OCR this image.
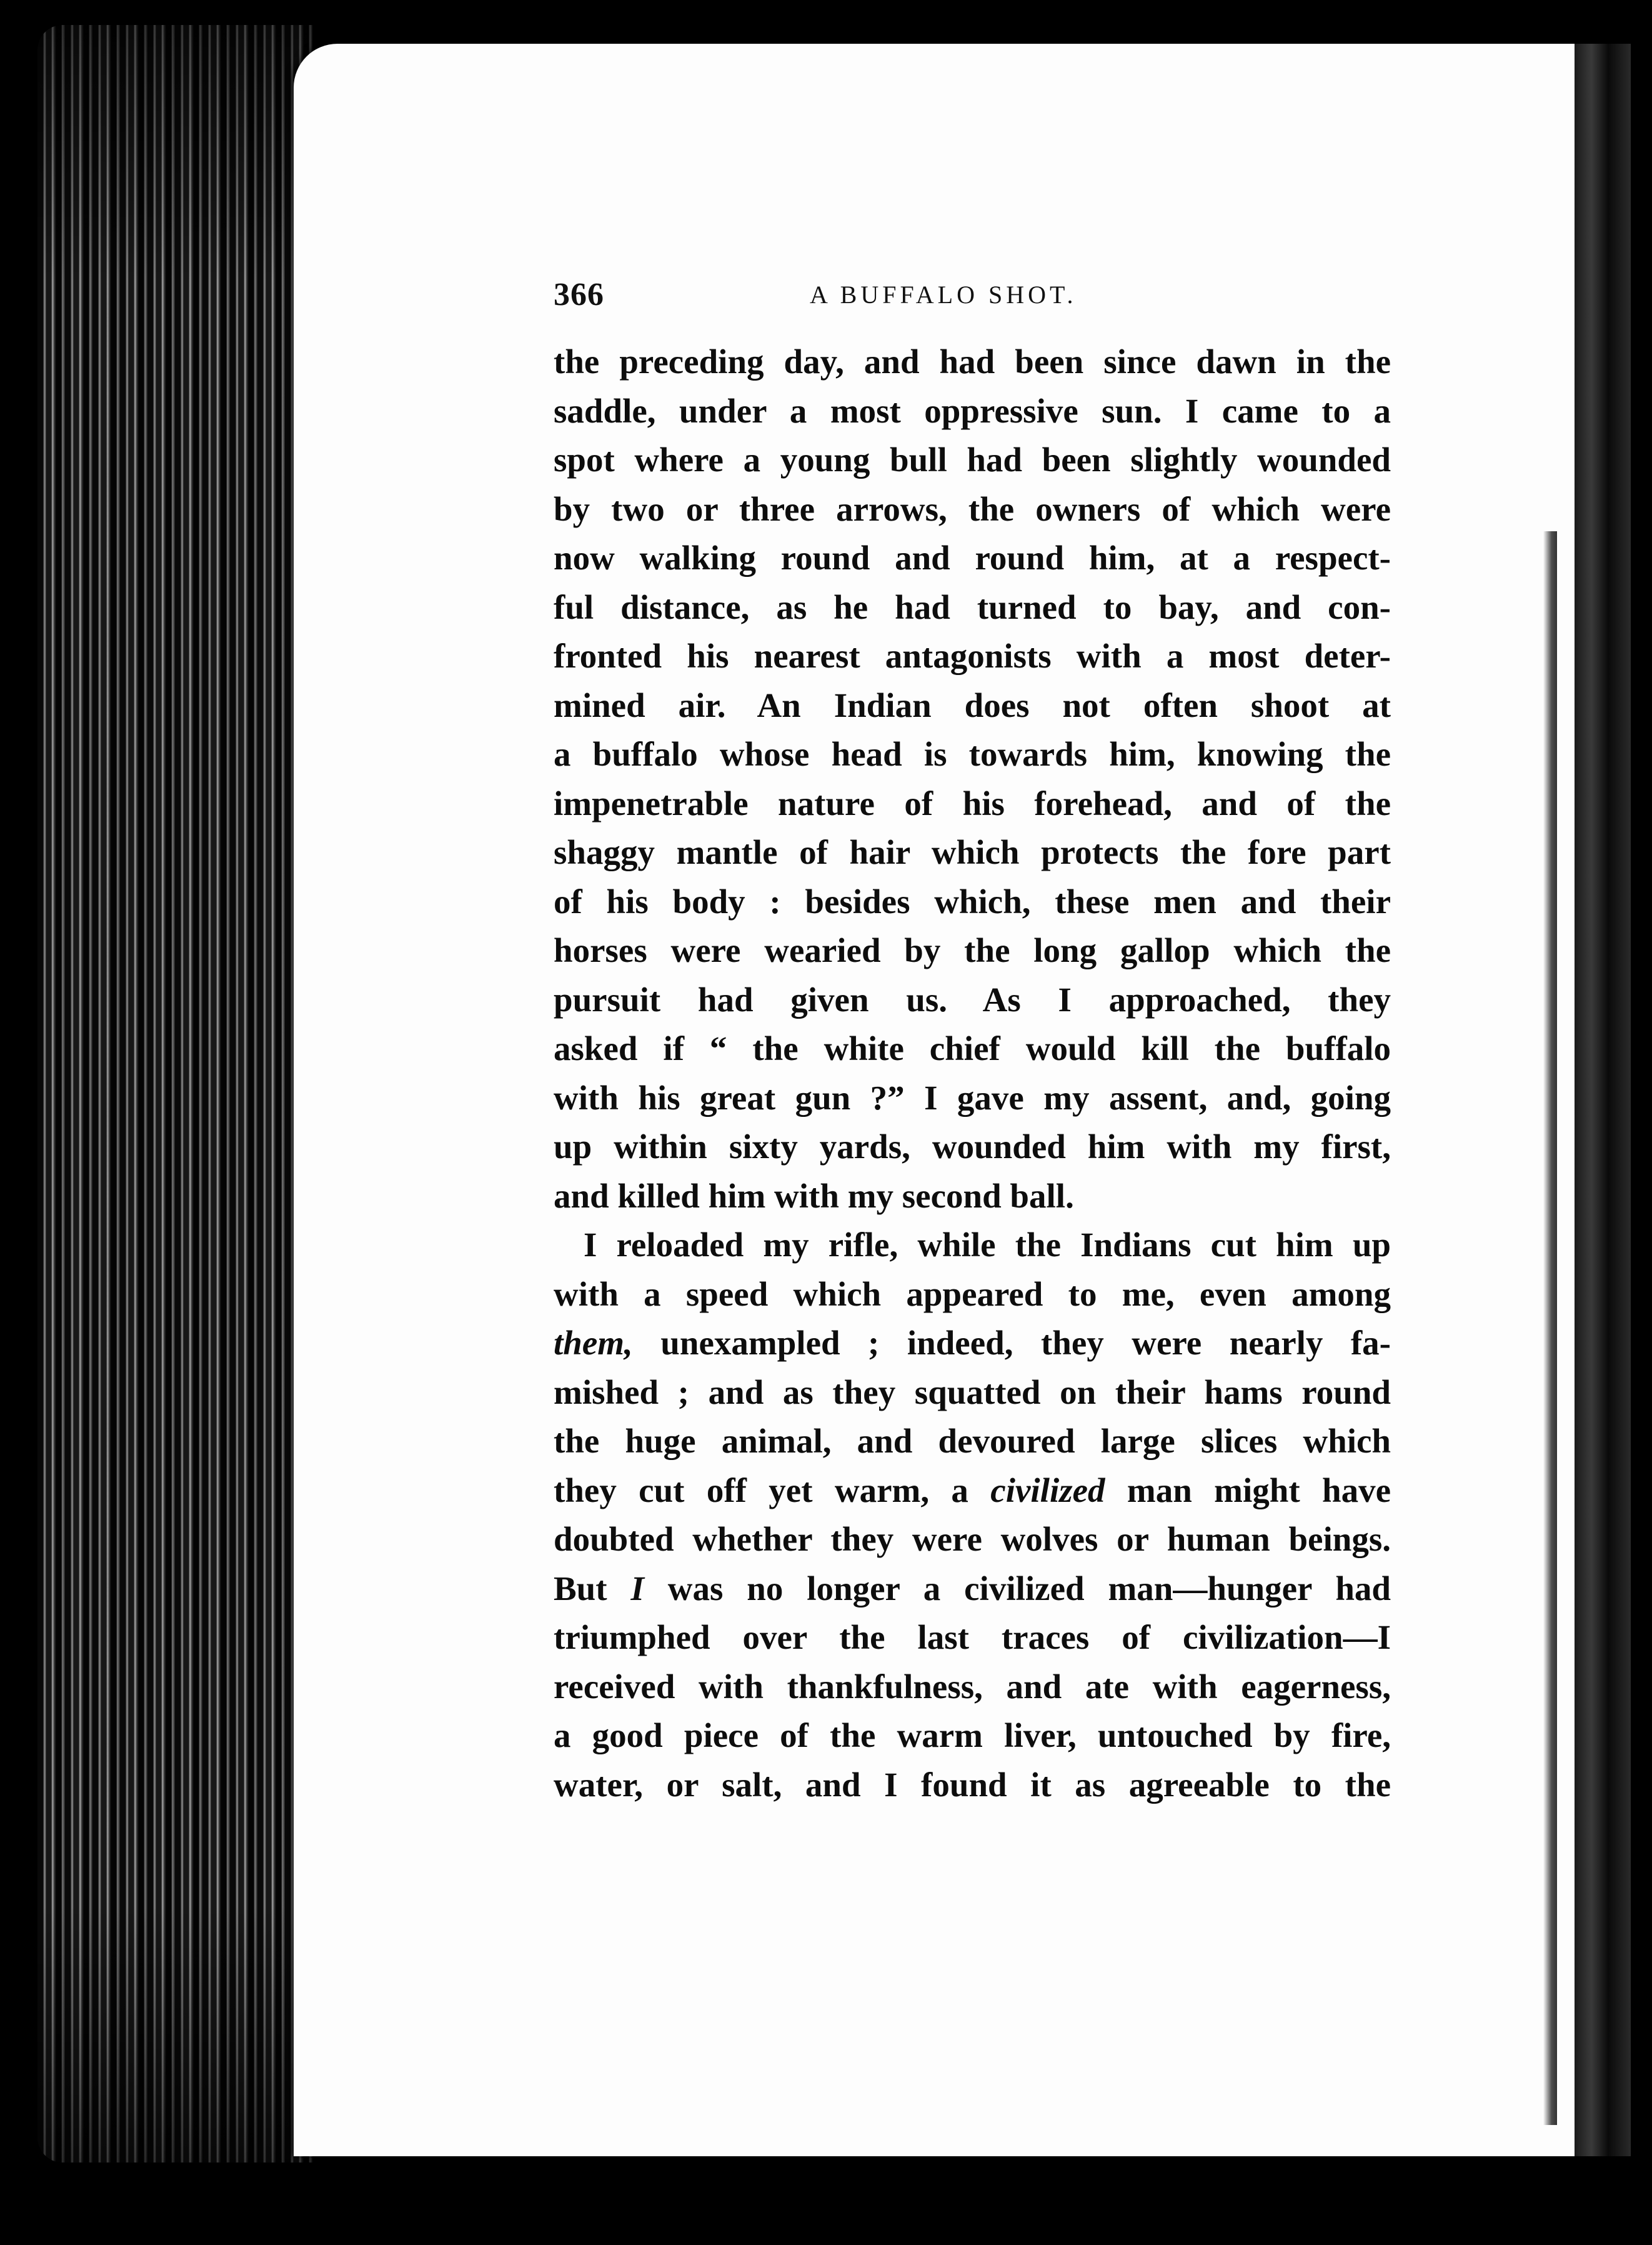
366	A BUFFALO SHOT.
the preceding day, and had been since dawn in the
saddle, under a most oppressive sun. I came to a
spot where a young bull had been slightly wounded
by two or three arrows, the owners of which were
now walking round and round him, at a respect-
ful distance, as he had turned to bay, and con-
fronted his nearest antagonists with a most deter-
mined air. An Indian does not often shoot at
a buffalo whose head is towards him, knowing the
impenetrable nature of his forehead, and of the
shaggy mantle of hair which protects the fore part
of his body : besides which, these men and their
horses were wearied by the long gallop which the
pursuit had given us. As I approached, they
asked if “ the white chief would kill the buffalo
with his great gun ?” I gave my assent, and, going
up within sixty yards, wounded him with my first,
and killed him with my second ball.
I reloaded my rifle, while the Indians cut him up
with a speed which appeared to me, even among
them, unexampled ; indeed, they were nearly fa-
mished ; and as they squatted on their hams round
the huge animal, and devoured large slices which
they cut off yet warm, a civilized man might have
doubted whether they were wolves or human beings.
But I was no longer a civilized man—hunger had
triumphed over the last traces of civilization—I
received with thankfulness, and ate with eagerness,
a good piece of the warm liver, untouched by fire,
water, or salt, and I found it as agreeable to the
